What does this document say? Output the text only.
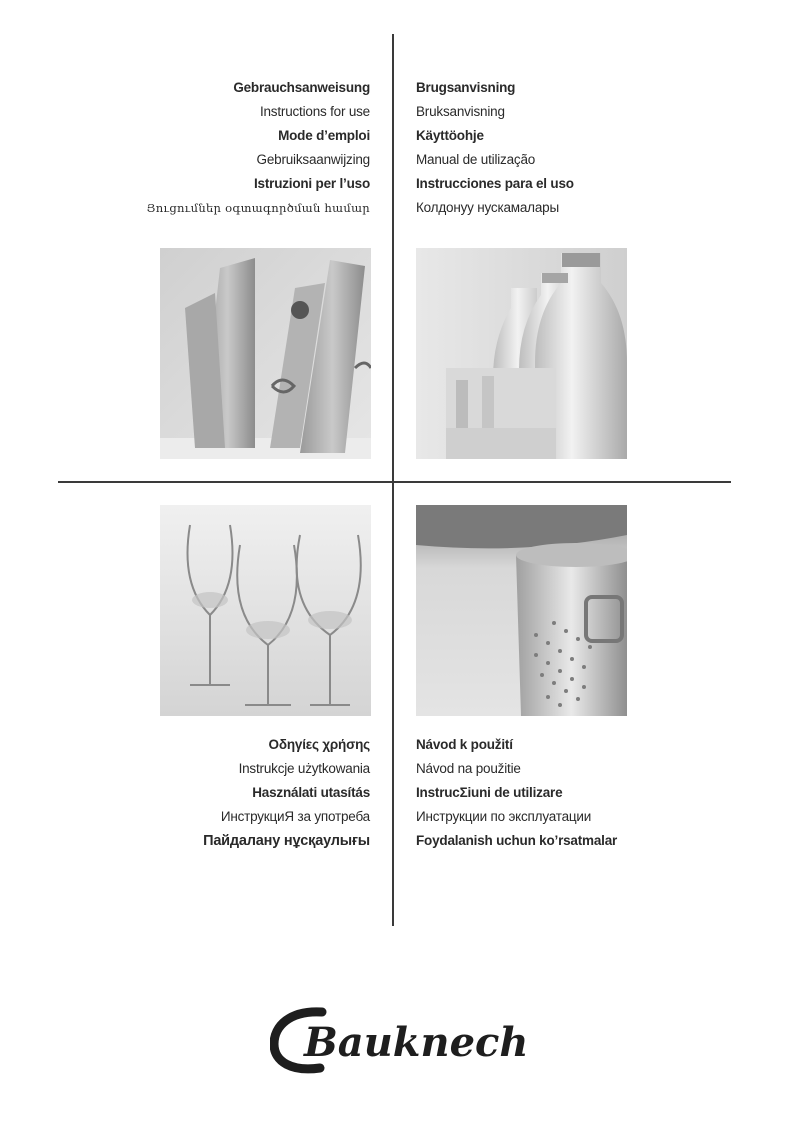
Gebrauchsanweisung
Instructions for use
Mode d’emploi
Gebruiksaanwijzing
Istruzioni per l’uso
Յուցումներ օգտագործման համար
Brugsanvisning
Bruksanvisning
Käyttöohje
Manual de utilização
Instrucciones para el uso
Колдонуу нускамалары
Οδηγίες χρήσης
Instrukcje użytkowania
Használati utasítás
ИнструкциЯ за употреба
Пайдалану нұсқаулығы
Návod k použití
Návod na použitie
InstrucΣiuni de utilizare
Инструкции по эксплуатации
Foydalanish uchun ko’rsatmalar
Bauknecht
